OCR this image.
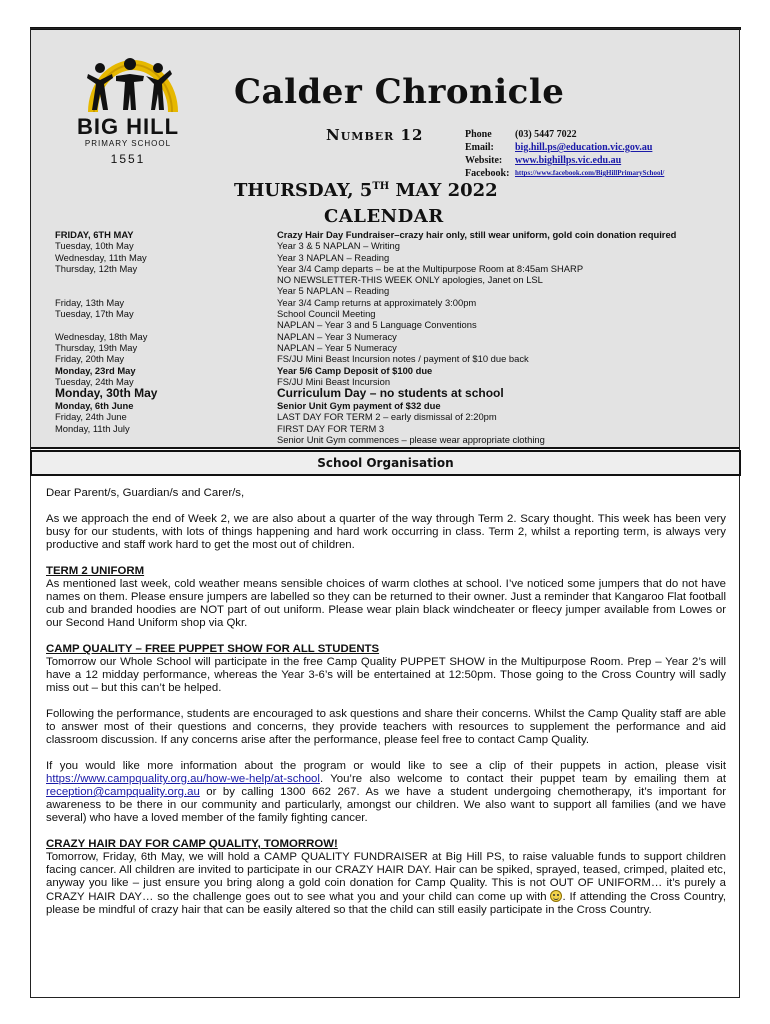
BIG HILL
PRIMARY SCHOOL
1551
Calder Chronicle
Number 12	Phone	(03) 5447 7022
Email:	big.hill.ps@education.vic.gov.au
Website:	www.bighillps.vic.edu.au
Facebook: https://www.facebook.com/BigHillPrimarySchool/
THURSDAY, 5TH MAY 2022
CALENDAR
FRIDAY, 6TH MAY	Crazy Hair Day Fundraiser–crazy hair only, still wear uniform, gold coin donation required
Tuesday, 10th May	Year 3 & 5 NAPLAN – Writing
Wednesday, 11th May	Year 3 NAPLAN – Reading
Thursday, 12th May	Year 3/4 Camp departs – be at the Multipurpose Room at 8:45am SHARP
NO NEWSLETTER-THIS WEEK ONLY apologies, Janet on LSL
Year 5 NAPLAN – Reading
Friday, 13th May	Year 3/4 Camp returns at approximately 3:00pm
Tuesday, 17th May	School Council Meeting
NAPLAN – Year 3 and 5 Language Conventions
Wednesday, 18th May	NAPLAN – Year 3 Numeracy
Thursday, 19th May	NAPLAN – Year 5 Numeracy
Friday, 20th May	FS/JU Mini Beast Incursion notes / payment of $10 due back
Monday, 23rd May	Year 5/6 Camp Deposit of $100 due
Tuesday, 24th May	FS/JU Mini Beast Incursion
Monday, 30th May	Curriculum Day – no students at school
Monday, 6th June	Senior Unit Gym payment of $32 due
Friday, 24th June	LAST DAY FOR TERM 2 – early dismissal of 2:20pm
Monday, 11th July	FIRST DAY FOR TERM 3
Senior Unit Gym commences – please wear appropriate clothing
School Organisation

Dear Parent/s, Guardian/s and Carer/s,

As we approach the end of Week 2, we are also about a quarter of the way through Term 2. Scary thought. This week has been very busy for our students, with lots of things happening and hard work occurring in class. Term 2, whilst a reporting term, is always very productive and staff work hard to get the most out of children.

TERM 2 UNIFORM

As mentioned last week, cold weather means sensible choices of warm clothes at school. I’ve noticed some jumpers that do not have names on them. Please ensure jumpers are labelled so they can be returned to their owner. Just a reminder that Kangaroo Flat football cub and branded hoodies are NOT part of out uniform. Please wear plain black windcheater or fleecy jumper available from Lowes or our Second Hand Uniform shop via Qkr.

CAMP QUALITY – FREE PUPPET SHOW FOR ALL STUDENTS

Tomorrow our Whole School will participate in the free Camp Quality PUPPET SHOW in the Multipurpose Room. Prep – Year 2’s will have a 12 midday performance, whereas the Year 3-6’s will be entertained at 12:50pm. Those going to the Cross Country will sadly miss out – but this can’t be helped.

Following the performance, students are encouraged to ask questions and share their concerns. Whilst the Camp Quality staff are able to answer most of their questions and concerns, they provide teachers with resources to supplement the performance and aid classroom discussion. If any concerns arise after the performance, please feel free to contact Camp Quality.

If you would like more information about the program or would like to see a clip of their puppets in action, please visit https://www.campquality.org.au/how-we-help/at-school. You’re also welcome to contact their puppet team by emailing them at reception@campquality.org.au or by calling 1300 662 267. As we have a student undergoing chemotherapy, it’s important for awareness to be there in our community and particularly, amongst our children. We also want to support all families (and we have several) who have a loved member of the family fighting cancer.

CRAZY HAIR DAY FOR CAMP QUALITY, TOMORROW!

Tomorrow, Friday, 6th May, we will hold a CAMP QUALITY FUNDRAISER at Big Hill PS, to raise valuable funds to support children facing cancer. All children are invited to participate in our CRAZY HAIR DAY. Hair can be spiked, sprayed, teased, crimped, plaited etc, anyway you like – just ensure you bring along a gold coin donation for Camp Quality. This is not OUT OF UNIFORM… it’s purely a CRAZY HAIR DAY… so the challenge goes out to see what you and your child can come up with . If attending the Cross Country, please be mindful of crazy hair that can be easily altered so that the child can still easily participate in the Cross Country.
